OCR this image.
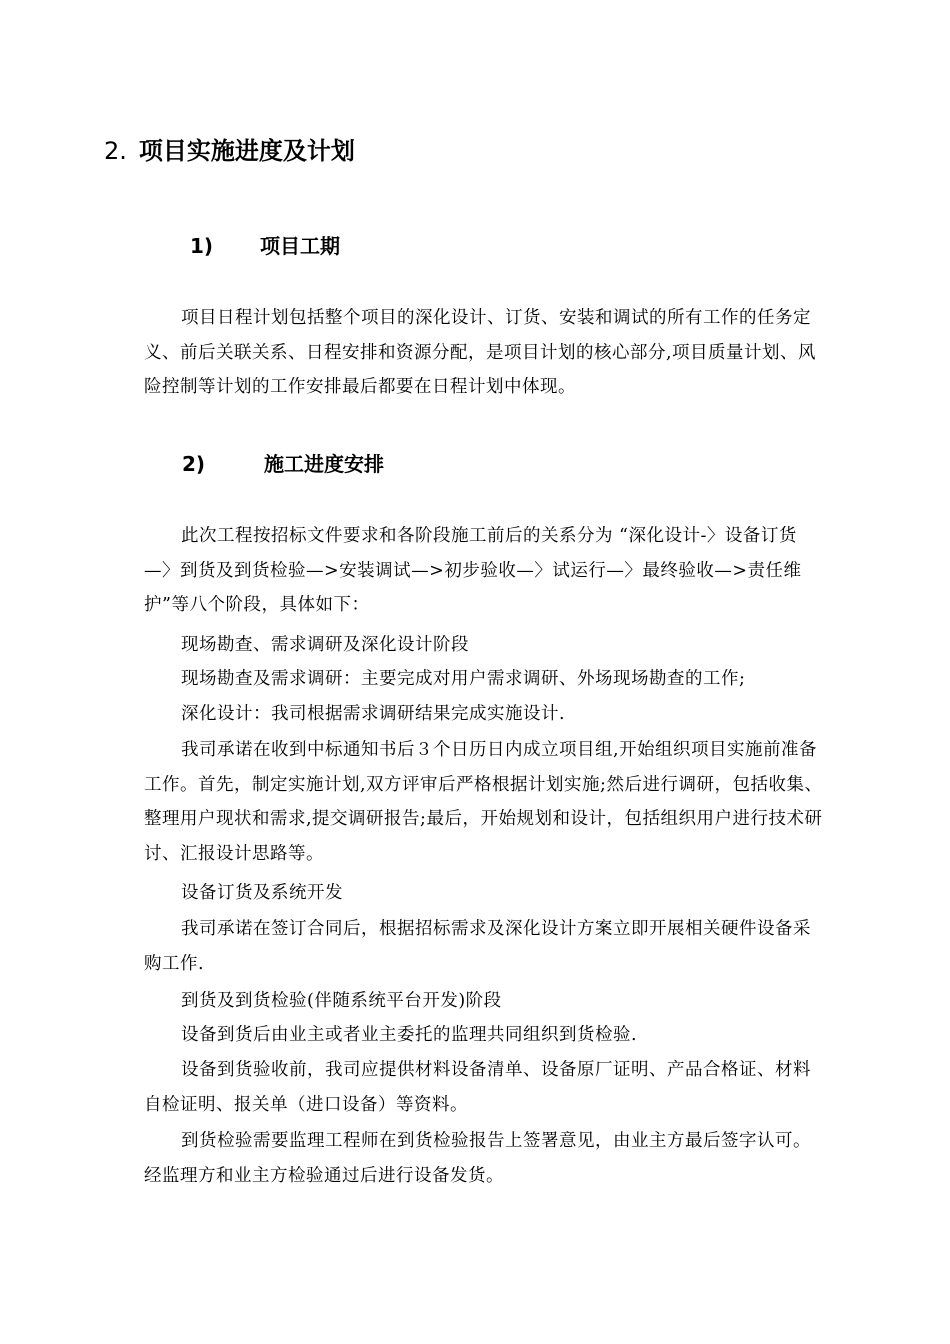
2. 项目实施进度及计划
1) 项目工期
项目日程计划包括整个项目的深化设计、订货、安装和调试的所有工作的任务定义、前后关联关系、日程安排和资源分配，是项目计划的核心部分,项目质量计划、风险控制等计划的工作安排最后都要在日程计划中体现。
2)	施工进度安排
此次工程按招标文件要求和各阶段施工前后的关系分为 “深化设计-〉设备订货—〉到货及到货检验—>安装调试—>初步验收—〉试运行—〉最终验收—>责任维护”等八个阶段，具体如下：
现场勘查、需求调研及深化设计阶段
现场勘查及需求调研：主要完成对用户需求调研、外场现场勘查的工作;
深化设计：我司根据需求调研结果完成实施设计.
我司承诺在收到中标通知书后３个日历日内成立项目组,开始组织项目实施前准备工作。首先，制定实施计划,双方评审后严格根据计划实施;然后进行调研，包括收集、整理用户现状和需求,提交调研报告;最后，开始规划和设计，包括组织用户进行技术研讨、汇报设计思路等。
设备订货及系统开发
我司承诺在签订合同后，根据招标需求及深化设计方案立即开展相关硬件设备采购工作.
到货及到货检验(伴随系统平台开发)阶段
设备到货后由业主或者业主委托的监理共同组织到货检验.
设备到货验收前，我司应提供材料设备清单、设备原厂证明、产品合格证、材料自检证明、报关单（进口设备）等资料。
到货检验需要监理工程师在到货检验报告上签署意见，由业主方最后签字认可。经监理方和业主方检验通过后进行设备发货。
